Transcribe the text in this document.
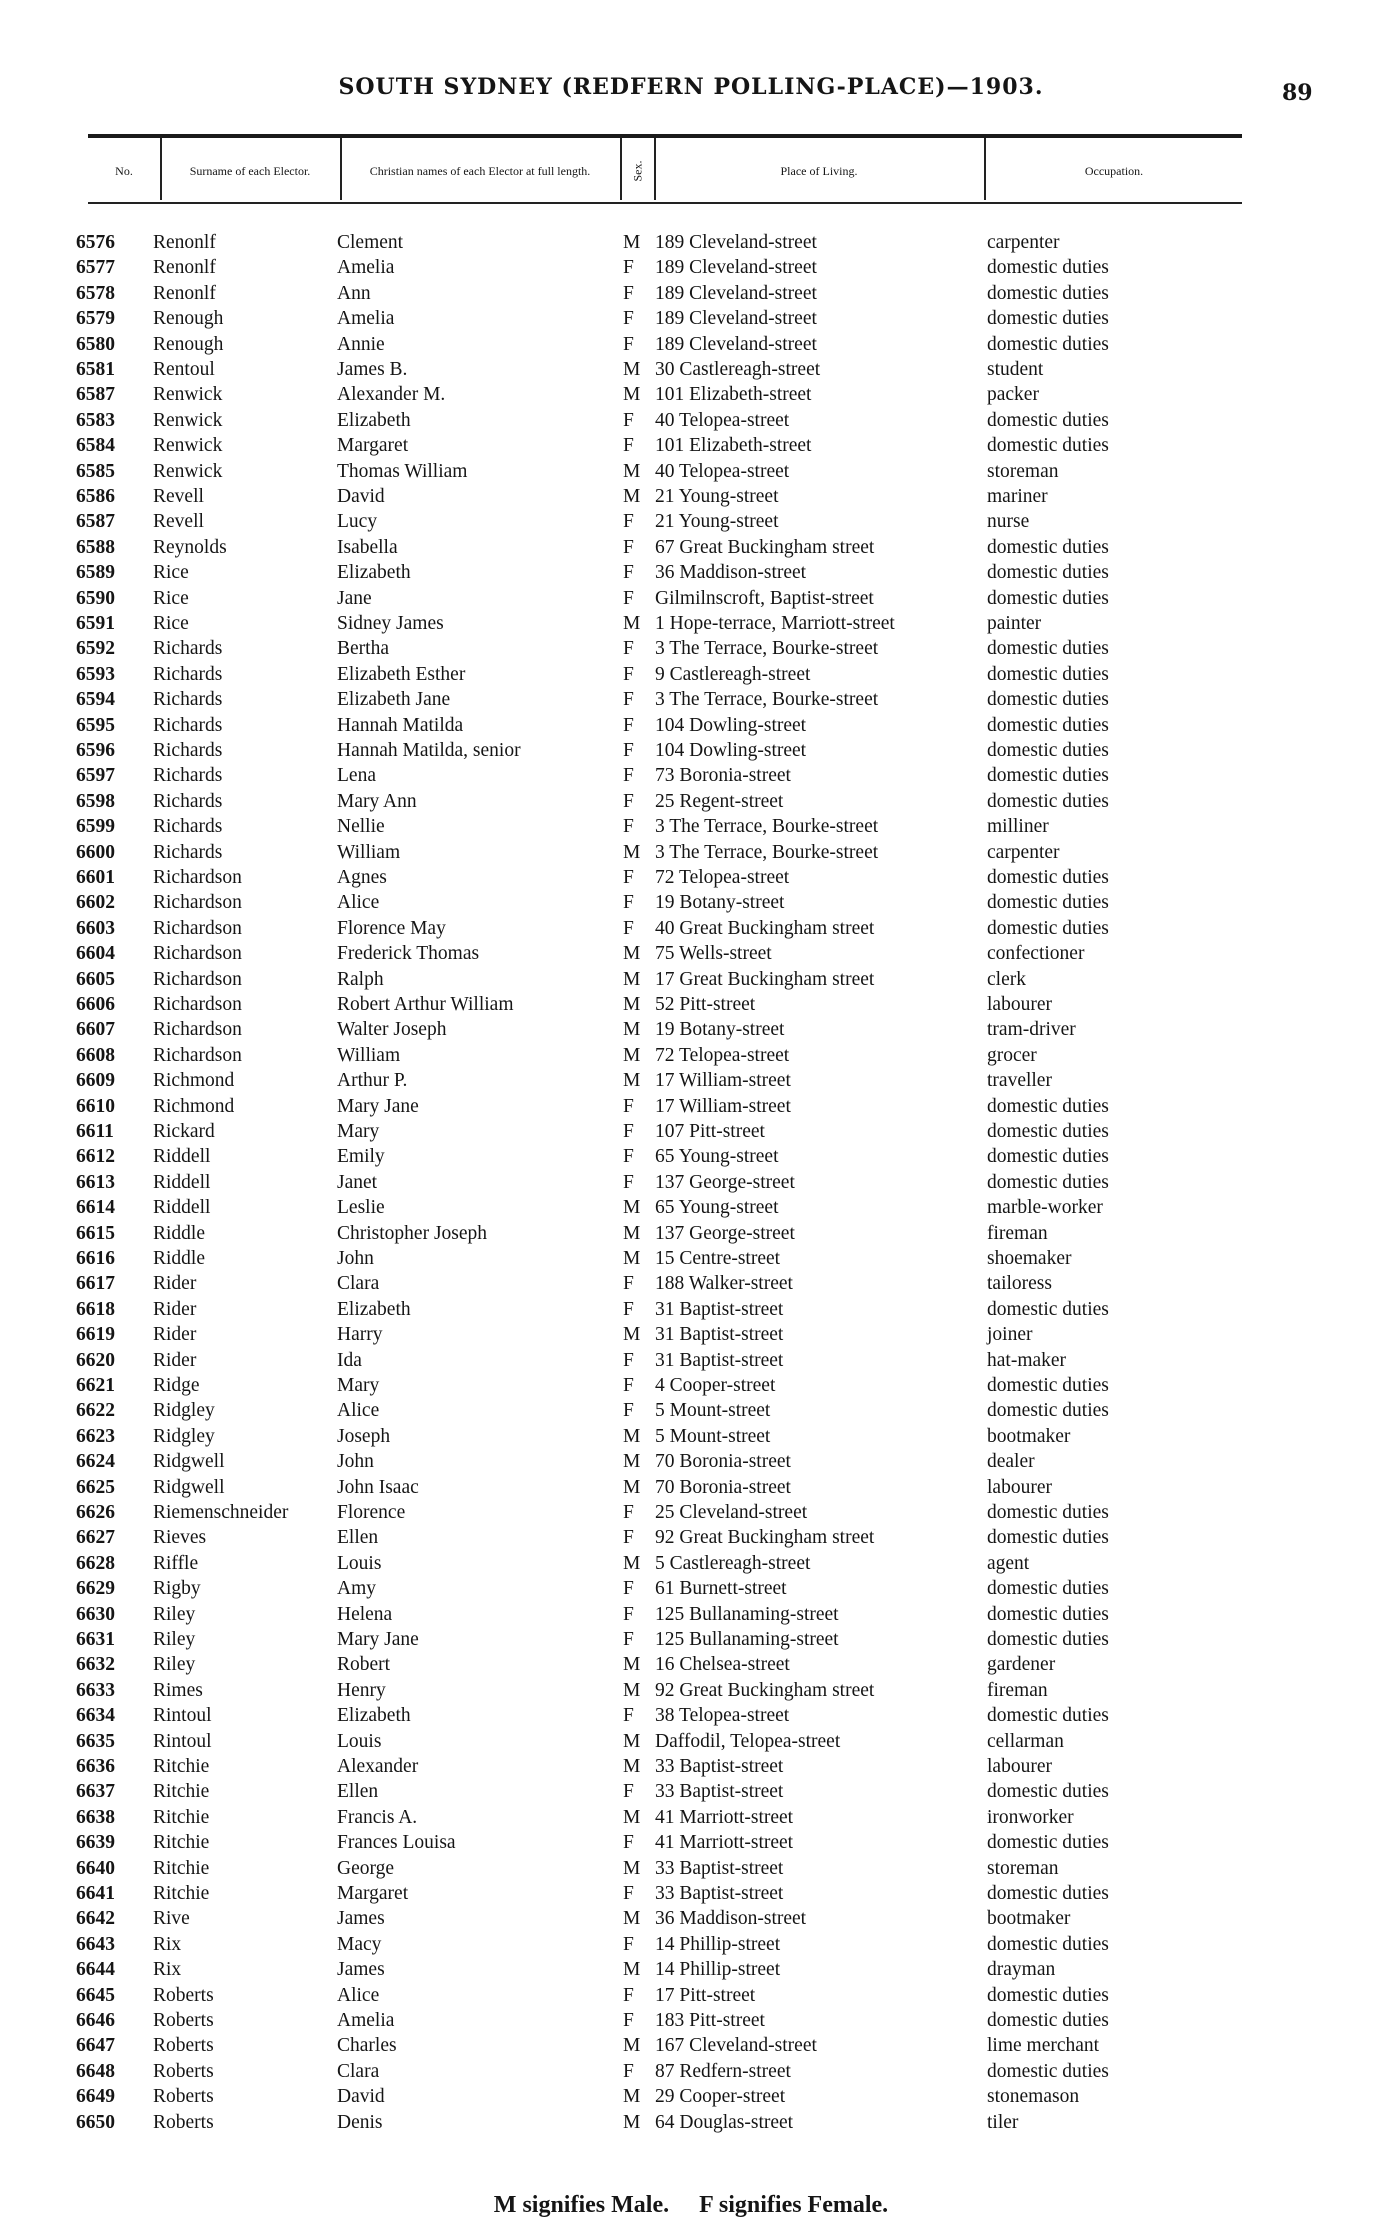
SOUTH SYDNEY (REDFERN POLLING-PLACE)—1903.	89
No.	Surname of each Elector.	Christian names of each Elector at full length.	Sex.	Place of Living.	Occupation.
6576	Renonlf	Clement	M 189 Cleveland-street	carpenter
6577	Renonlf	Amelia	F	189 Cleveland-street	domestic duties
6578	Renonlf	Ann	F	189 Cleveland-street	domestic duties
6579	Renough	Amelia	F	189 Cleveland-street	domestic duties
6580	Renough	Annie	F	189 Cleveland-street	domestic duties
6581	Rentoul	James B.	M 30 Castlereagh-street	student
6587	Renwick	Alexander M.	M 101 Elizabeth-street	packer
6583	Renwick	Elizabeth	F	40 Telopea-street	domestic duties
6584	Renwick	Margaret	F	101 Elizabeth-street	domestic duties
6585	Renwick	Thomas William	M 40 Telopea-street	storeman
6586	Revell	David	M 21 Young-street	mariner
6587	Revell	Lucy	F	21 Young-street	nurse
6588	Reynolds	Isabella	F	67 Great Buckingham street	domestic duties
6589	Rice	Elizabeth	F	36 Maddison-street	domestic duties
6590	Rice	Jane	F	Gilmilnscroft, Baptist-street	domestic duties
6591	Rice	Sidney James	M 1 Hope-terrace, Marriott-street	painter
6592	Richards	Bertha	F	3 The Terrace, Bourke-street	domestic duties
6593	Richards	Elizabeth Esther	F	9 Castlereagh-street	domestic duties
6594	Richards	Elizabeth Jane	F	3 The Terrace, Bourke-street	domestic duties
6595	Richards	Hannah Matilda	F	104 Dowling-street	domestic duties
6596	Richards	Hannah Matilda, senior	F	104 Dowling-street	domestic duties
6597	Richards	Lena	F	73 Boronia-street	domestic duties
6598	Richards	Mary Ann	F	25 Regent-street	domestic duties
6599	Richards	Nellie	F	3 The Terrace, Bourke-street	milliner
6600	Richards	William	M 3 The Terrace, Bourke-street	carpenter
6601	Richardson	Agnes	F	72 Telopea-street	domestic duties
6602	Richardson	Alice	F	19 Botany-street	domestic duties
6603	Richardson	Florence May	F	40 Great Buckingham street	domestic duties
6604	Richardson	Frederick Thomas	M 75 Wells-street	confectioner
6605	Richardson	Ralph	M 17 Great Buckingham street	clerk
6606	Richardson	Robert Arthur William	M 52 Pitt-street	labourer
6607	Richardson	Walter Joseph	M 19 Botany-street	tram-driver
6608	Richardson	William	M 72 Telopea-street	grocer
6609	Richmond	Arthur P.	M 17 William-street	traveller
6610	Richmond	Mary Jane	F	17 William-street	domestic duties
6611	Rickard	Mary	F	107 Pitt-street	domestic duties
6612	Riddell	Emily	F	65 Young-street	domestic duties
6613	Riddell	Janet	F	137 George-street	domestic duties
6614	Riddell	Leslie	M 65 Young-street	marble-worker
6615	Riddle	Christopher Joseph	M 137 George-street	fireman
6616	Riddle	John	M 15 Centre-street	shoemaker
6617	Rider	Clara	F	188 Walker-street	tailoress
6618	Rider	Elizabeth	F	31 Baptist-street	domestic duties
6619	Rider	Harry	M 31 Baptist-street	joiner
6620	Rider	Ida	F	31 Baptist-street	hat-maker
6621	Ridge	Mary	F	4 Cooper-street	domestic duties
6622	Ridgley	Alice	F	5 Mount-street	domestic duties
6623	Ridgley	Joseph	M 5 Mount-street	bootmaker
6624	Ridgwell	John	M 70 Boronia-street	dealer
6625	Ridgwell	John Isaac	M 70 Boronia-street	labourer
6626	Riemenschneider	Florence	F	25 Cleveland-street	domestic duties
6627	Rieves	Ellen	F	92 Great Buckingham street	domestic duties
6628	Riffle	Louis	M 5 Castlereagh-street	agent
6629	Rigby	Amy	F	61 Burnett-street	domestic duties
6630	Riley	Helena	F	125 Bullanaming-street	domestic duties
6631	Riley	Mary Jane	F	125 Bullanaming-street	domestic duties
6632	Riley	Robert	M 16 Chelsea-street	gardener
6633	Rimes	Henry	M 92 Great Buckingham street	fireman
6634	Rintoul	Elizabeth	F	38 Telopea-street	domestic duties
6635	Rintoul	Louis	M Daffodil, Telopea-street	cellarman
6636	Ritchie	Alexander	M 33 Baptist-street	labourer
6637	Ritchie	Ellen	F	33 Baptist-street	domestic duties
6638	Ritchie	Francis A.	M 41 Marriott-street	ironworker
6639	Ritchie	Frances Louisa	F	41 Marriott-street	domestic duties
6640	Ritchie	George	M 33 Baptist-street	storeman
6641	Ritchie	Margaret	F	33 Baptist-street	domestic duties
6642	Rive	James	M 36 Maddison-street	bootmaker
6643	Rix	Macy	F	14 Phillip-street	domestic duties
6644	Rix	James	M 14 Phillip-street	drayman
6645	Roberts	Alice	F	17 Pitt-street	domestic duties
6646	Roberts	Amelia	F	183 Pitt-street	domestic duties
6647	Roberts	Charles	M 167 Cleveland-street	lime merchant
6648	Roberts	Clara	F	87 Redfern-street	domestic duties
6649	Roberts	David	M 29 Cooper-street	stonemason
6650	Roberts	Denis	M 64 Douglas-street	tiler
M signifies Male. F signifies Female.
